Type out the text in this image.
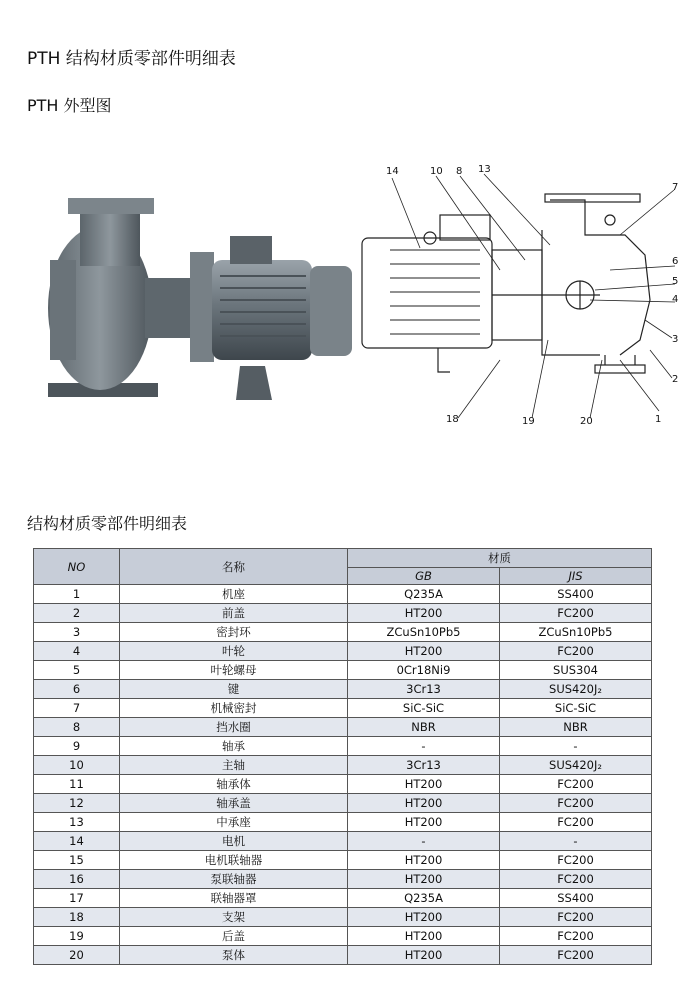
PTH 结构材质零部件明细表
PTH 外型图
14	10 8 13
7
6
5
4
3
2
1
20
19
18
结构材质零部件明细表
NO	名称	材质	
		GB	JIS
1	机座	Q235A	SS400
2	前盖	HT200	FC200
3	密封环	ZCuSn10Pb5	ZCuSn10Pb5
4	叶轮	HT200	FC200
5	叶轮螺母	0Cr18Ni9	SUS304
6	键	3Cr13	SUS420J₂
7	机械密封	SiC-SiC	SiC-SiC
8	挡水圈	NBR	NBR
9	轴承	-	-
10	主轴	3Cr13	SUS420J₂
11	轴承体	HT200	FC200
12	轴承盖	HT200	FC200
13	中承座	HT200	FC200
14	电机	-	-
15	电机联轴器	HT200	FC200
16	泵联轴器	HT200	FC200
17	联轴器罩	Q235A	SS400
18	支架	HT200	FC200
19	后盖	HT200	FC200
20	泵体	HT200	FC200
